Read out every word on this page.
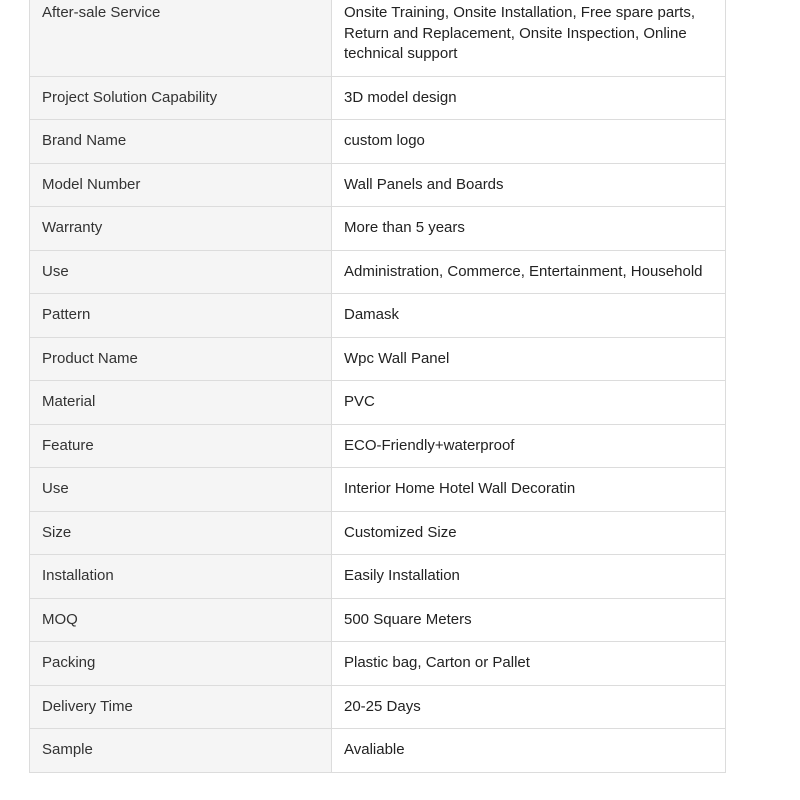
After-sale Service	Onsite Training, Onsite Installation, Free spare parts, Return and Replacement, Onsite Inspection, Online technical support
Project Solution Capability	3D model design
Brand Name	custom logo
Model Number	Wall Panels and Boards
Warranty	More than 5 years
Use	Administration, Commerce, Entertainment, Household
Pattern	Damask
Product Name	Wpc Wall Panel
Material	PVC
Feature	ECO-Friendly+waterproof
Use	Interior Home Hotel Wall Decoratin
Size	Customized Size
Installation	Easily Installation
MOQ	500 Square Meters
Packing	Plastic bag, Carton or Pallet
Delivery Time	20-25 Days
Sample	Avaliable
